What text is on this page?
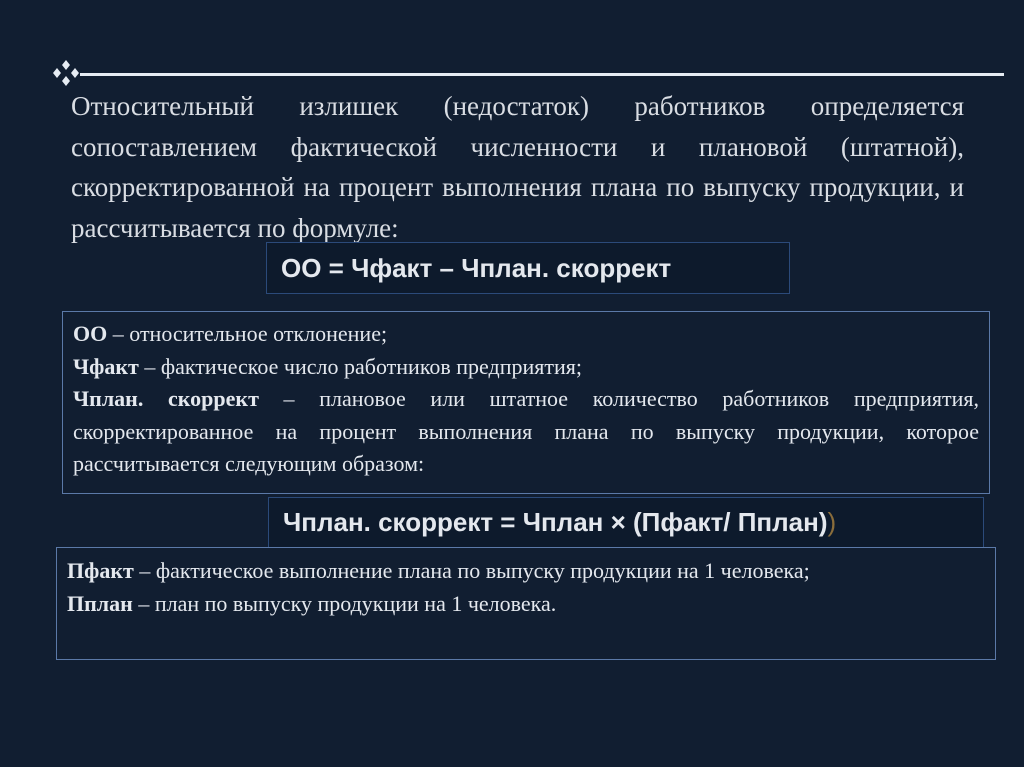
Относительный излишек (недостаток) работников определяется сопоставлением фактической численности и плановой (штатной), скорректированной на процент выполнения плана по выпуску продукции, и рассчитывается по формуле:
ОО = Чфакт – Чплан. скоррект
ОО – относительное отклонение;
Чфакт – фактическое число работников предприятия;
Чплан. скоррект – плановое или штатное количество работников предприятия, скорректированное на процент выполнения плана по выпуску продукции, которое рассчитывается следующим образом:
Чплан. скоррект = Чплан × (Пфакт/ Пплан) )
Пфакт – фактическое выполнение плана по выпуску продукции на 1 человека;
Пплан – план по выпуску продукции на 1 человека.
